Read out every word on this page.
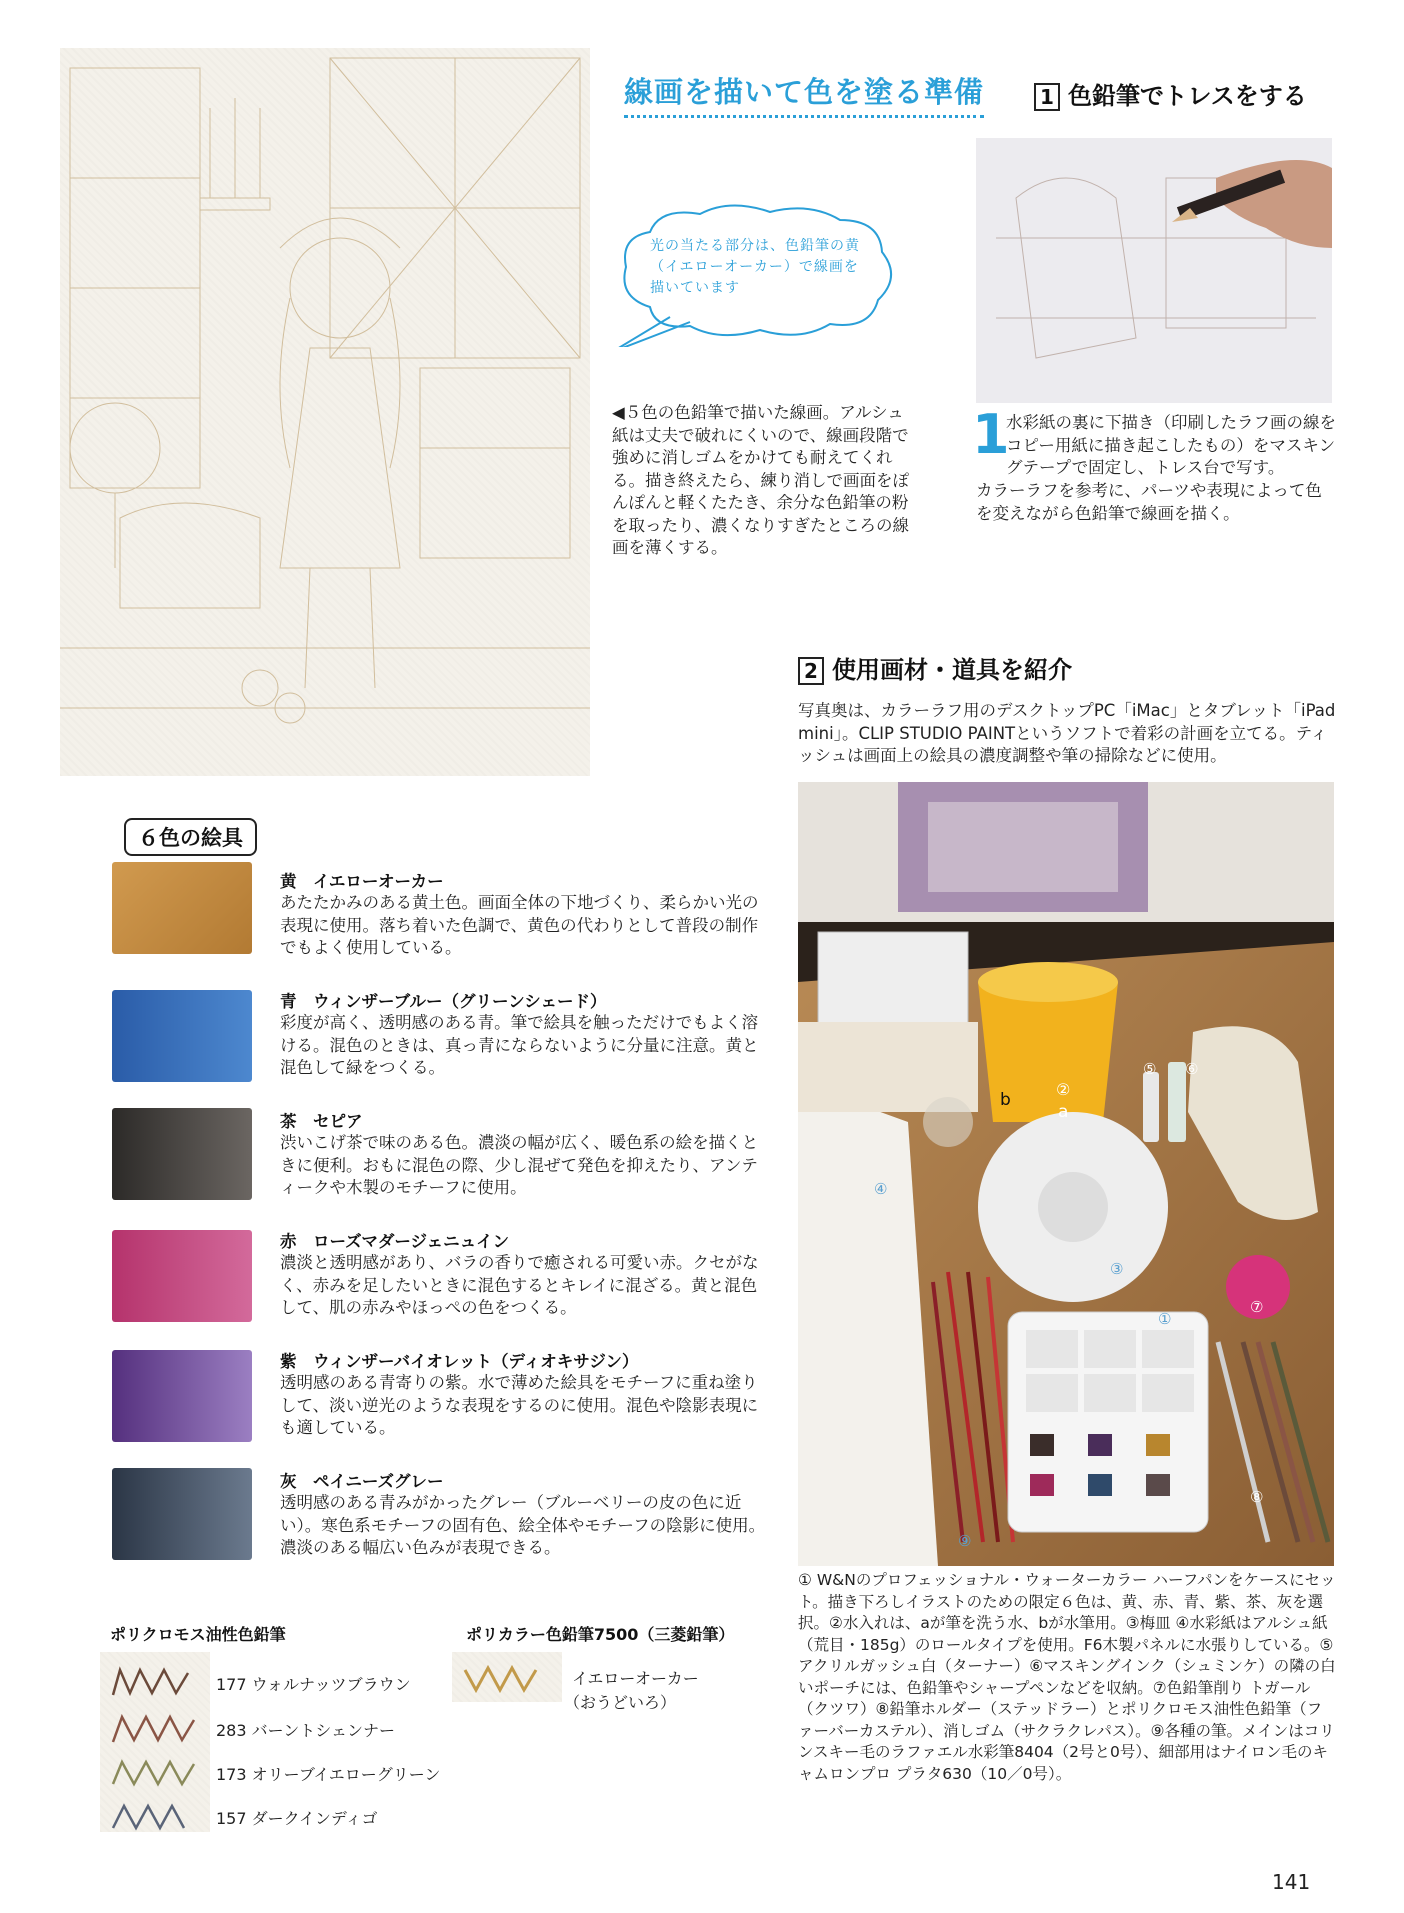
線画を描いて色を塗る準備	1 色鉛筆でトレスをする
光の当たる部分は、色鉛筆の黄（イエローオーカー）で線画を描いています
◀５色の色鉛筆で描いた線画。アルシュ紙は丈夫で破れにくいので、線画段階で強めに消しゴムをかけても耐えてくれる。描き終えたら、練り消しで画面をぽんぽんと軽くたたき、余分な色鉛筆の粉を取ったり、濃くなりすぎたところの線画を薄くする。
1
水彩紙の裏に下描き（印刷したラフ画の線をコピー用紙に描き起こしたもの）をマスキングテープで固定し、トレス台で写す。
カラーラフを参考に、パーツや表現によって色を変えながら色鉛筆で線画を描く。
2 使用画材・道具を紹介
写真奥は、カラーラフ用のデスクトップPC「iMac」とタブレット「iPad mini」。CLIP STUDIO PAINTというソフトで着彩の計画を立てる。ティッシュは画面上の絵具の濃度調整や筆の掃除などに使用。
②
a
b
⑤ ⑥
④
③
①
⑦
⑧
⑨
① W&Nのプロフェッショナル・ウォーターカラー ハーフパンをケースにセット。描き下ろしイラストのための限定６色は、黄、赤、青、紫、茶、灰を選択。②水入れは、aが筆を洗う水、bが水筆用。③梅皿 ④水彩紙はアルシュ紙（荒目・185g）のロールタイプを使用。F6木製パネルに水張りしている。⑤アクリルガッシュ白（ターナー）⑥マスキングインク（シュミンケ）の隣の白いポーチには、色鉛筆やシャープペンなどを収納。⑦色鉛筆削り トガール（クツワ）⑧鉛筆ホルダー（ステッドラー）とポリクロモス油性色鉛筆（ファーバーカステル）、消しゴム（サクラクレパス）。⑨各種の筆。メインはコリンスキー毛のラファエル水彩筆8404（2号と0号）、細部用はナイロン毛のキャムロンプロ プラタ630（10／0号）。
６色の絵具
黄　イエローオーカー
あたたかみのある黄土色。画面全体の下地づくり、柔らかい光の表現に使用。落ち着いた色調で、黄色の代わりとして普段の制作でもよく使用している。
青　ウィンザーブルー（グリーンシェード）
彩度が高く、透明感のある青。筆で絵具を触っただけでもよく溶ける。混色のときは、真っ青にならないように分量に注意。黄と混色して緑をつくる。
茶　セピア
渋いこげ茶で味のある色。濃淡の幅が広く、暖色系の絵を描くときに便利。おもに混色の際、少し混ぜて発色を抑えたり、アンティークや木製のモチーフに使用。
赤　ローズマダージェニュイン
濃淡と透明感があり、バラの香りで癒される可愛い赤。クセがなく、赤みを足したいときに混色するとキレイに混ざる。黄と混色して、肌の赤みやほっぺの色をつくる。
紫　ウィンザーバイオレット（ディオキサジン）
透明感のある青寄りの紫。水で薄めた絵具をモチーフに重ね塗りして、淡い逆光のような表現をするのに使用。混色や陰影表現にも適している。
灰　ペイニーズグレー
透明感のある青みがかったグレー（ブルーベリーの皮の色に近い）。寒色系モチーフの固有色、絵全体やモチーフの陰影に使用。濃淡のある幅広い色みが表現できる。
ポリクロモス油性色鉛筆	ポリカラー色鉛筆7500（三菱鉛筆）
177 ウォルナッツブラウン
283 バーントシェンナー
173 オリーブイエローグリーン
157 ダークインディゴ
イエローオーカー
（おうどいろ）
141
